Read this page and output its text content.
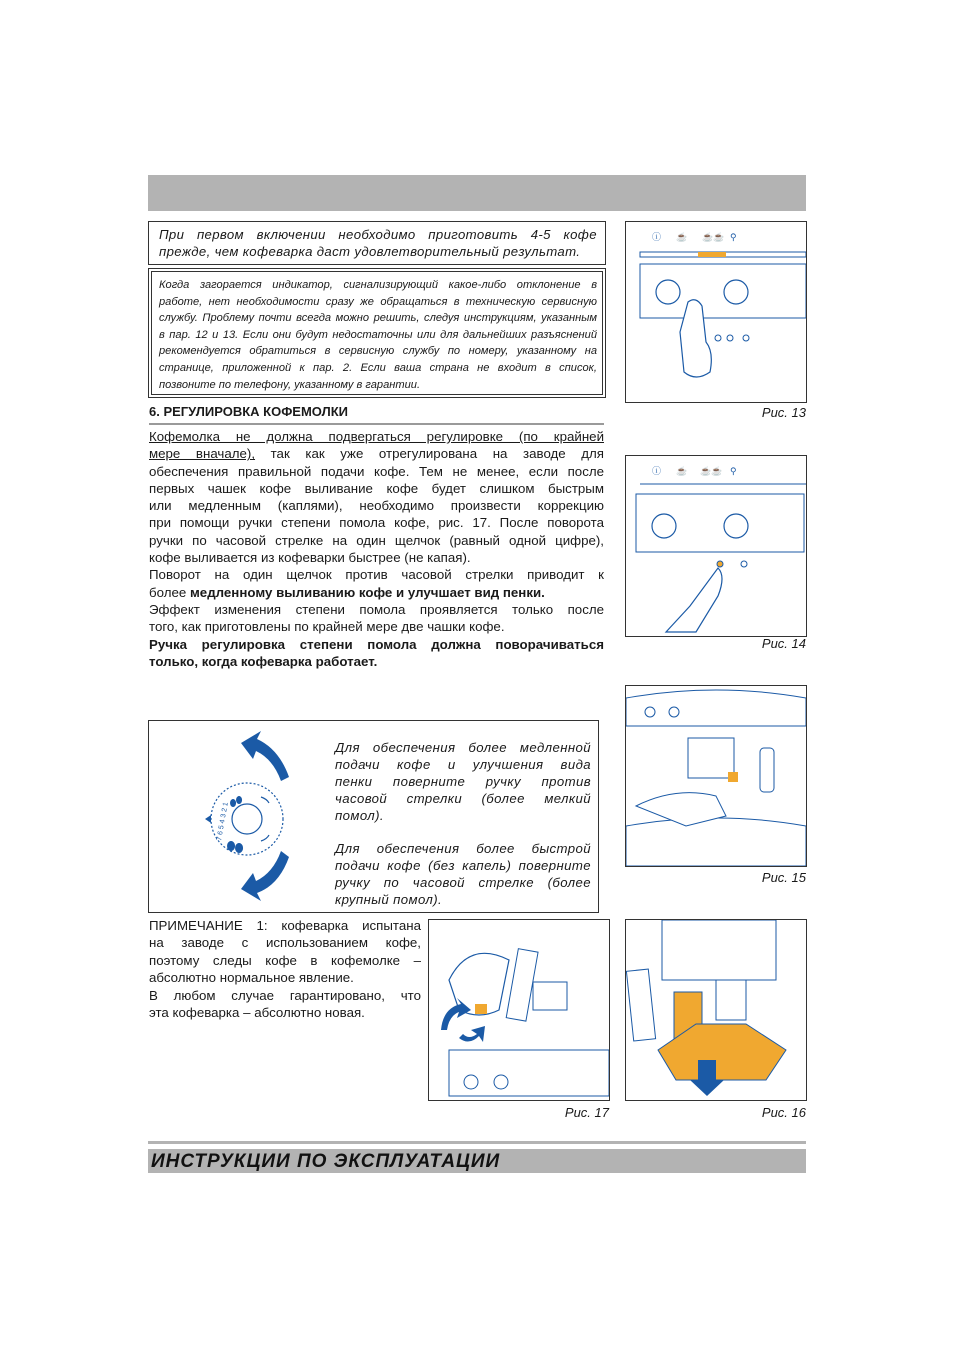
При первом включении необходимо приготовить 4-5 кофе
прежде, чем кофеварка даст удовлетворительный результат.
Когда загорается индикатор, сигнализирующий какое-либо отклонение в
работе, нет необходимости сразу же обращаться в техническую сервисную
службу. Проблему почти всегда можно решить, следуя инструкциям, указанным
в пар. 12 и 13. Если они будут недостаточны или для дальнейших разъяснений
рекомендуется обратиться в сервисную службу по номеру, указанному на
странице, приложенной к пар. 2. Если ваша страна не входит в список,
позвоните по телефону, указанному в гарантии.
6. РЕГУЛИРОВКА КОФЕМОЛКИ
Кофемолка не должна подвергаться регулировке (по крайней
мере вначале), так как уже отрегулирована на заводе для
обеспечения правильной подачи кофе. Тем не менее, если после
первых чашек кофе выливание кофе будет слишком быстрым
или медленным (каплями), необходимо произвести коррекцию
при помощи ручки степени помола кофе, рис. 17. После поворота
ручки по часовой стрелке на один щелчок (равный одной цифре),
кофе выливается из кофеварки быстрее (не капая).
Поворот на один щелчок против часовой стрелки приводит к
более медленному выливанию кофе и улучшает вид пенки.
Эффект изменения степени помола проявляется только после
того, как приготовлены по крайней мере две чашки кофе.
Ручка регулировка степени помола должна поворачиваться
только, когда кофеварка работает.
7 6 5 4 3 2 1
Для обеспечения более медленной
подачи кофе и улучшения вида
пенки поверните ручку против
часовой стрелки (более мелкий
помол).
Для обеспечения более быстрой
подачи кофе (без капель) поверните
ручку по часовой стрелке (более
крупный помол).
ПРИМЕЧАНИЕ 1: кофеварка испытана
на заводе с использованием кофе,
поэтому следы кофе в кофемолке –
абсолютно нормальное явление.
В любом случае гарантировано, что
эта кофеварка – абсолютно новая.
ⓘ ☕ ☕☕ ⚲
Рис. 13
ⓘ ☕ ☕☕ ⚲
Рис. 14
Рис. 15
Рис. 17	Рис. 16
ИНСТРУКЦИИ ПО ЭКСПЛУАТАЦИИ
